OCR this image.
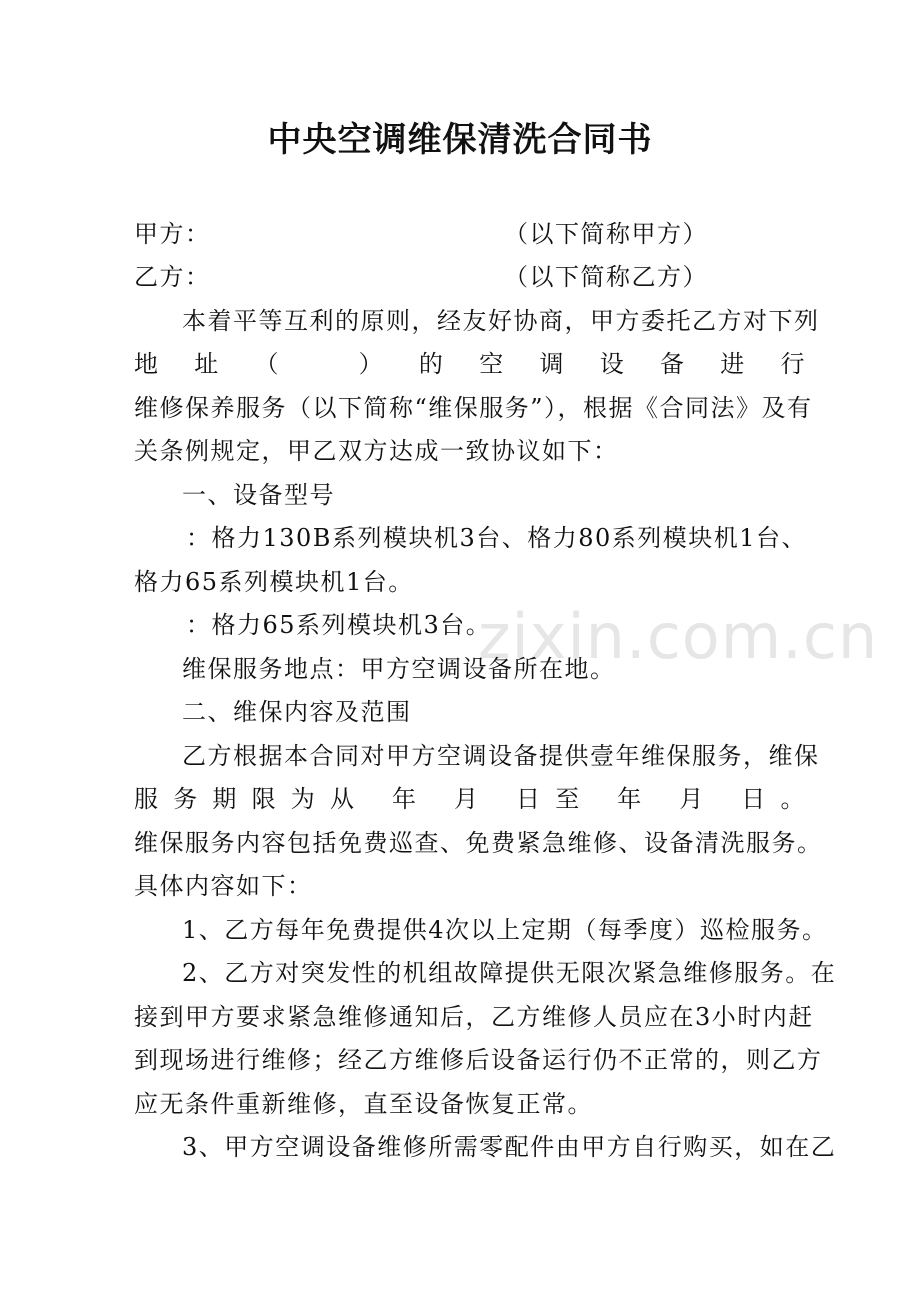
zixin.com.cn
中央空调维保清洗合同书

甲方：	（以下简称甲方）

乙方：	（以下简称乙方）

本着平等互利的原则，经友好协商，甲方委托乙方对下列

地址（ ）的空调设备进行

维修保养服务（以下简称“维保服务”），根据《合同法》及有

关条例规定，甲乙双方达成一致协议如下：

一、设备型号

：格力130B系列模块机3台、格力80系列模块机1台、

格力65系列模块机1台。

：格力65系列模块机3台。

维保服务地点：甲方空调设备所在地。

二、维保内容及范围

乙方根据本合同对甲方空调设备提供壹年维保服务，维保

服务期限为从 年 月 日至 年 月 日。

维保服务内容包括免费巡查、免费紧急维修、设备清洗服务。

具体内容如下：

1、乙方每年免费提供4次以上定期（每季度）巡检服务。

2、乙方对突发性的机组故障提供无限次紧急维修服务。在

接到甲方要求紧急维修通知后，乙方维修人员应在3小时内赶

到现场进行维修；经乙方维修后设备运行仍不正常的，则乙方

应无条件重新维修，直至设备恢复正常。

3、甲方空调设备维修所需零配件由甲方自行购买，如在乙
